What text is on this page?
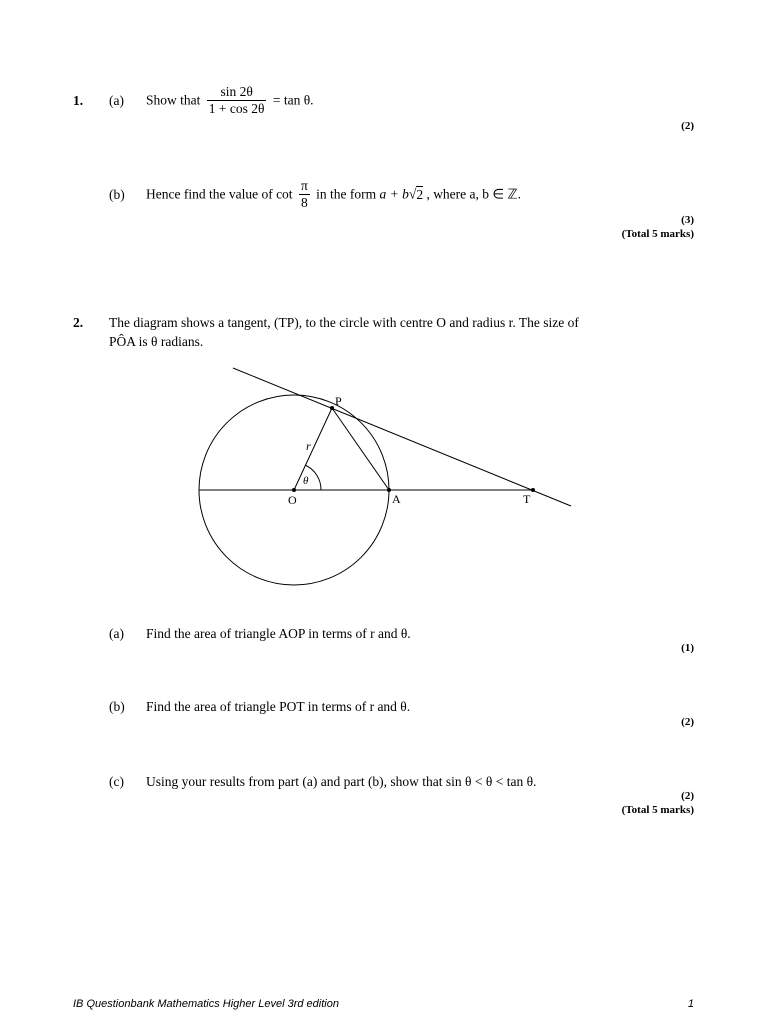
1. (a) Show that $\frac{\sin 2\theta}{1 + \cos 2\theta} = \tan \theta$.
(2)
(b) Hence find the value of $\cot \frac{\pi}{8}$ in the form a + b√2 , where a, b ∈ ℤ.
(3)
(Total 5 marks)
2. The diagram shows a tangent, (TP), to the circle with centre O and radius r. The size of
PÔA is θ radians.
P
O	A	T
r
θ
(a) Find the area of triangle AOP in terms of r and θ.
(1)
(b) Find the area of triangle POT in terms of r and θ.
(2)
(c) Using your results from part (a) and part (b), show that sin θ < θ < tan θ.
(2)
(Total 5 marks)
IB Questionbank Mathematics Higher Level 3rd edition	1
